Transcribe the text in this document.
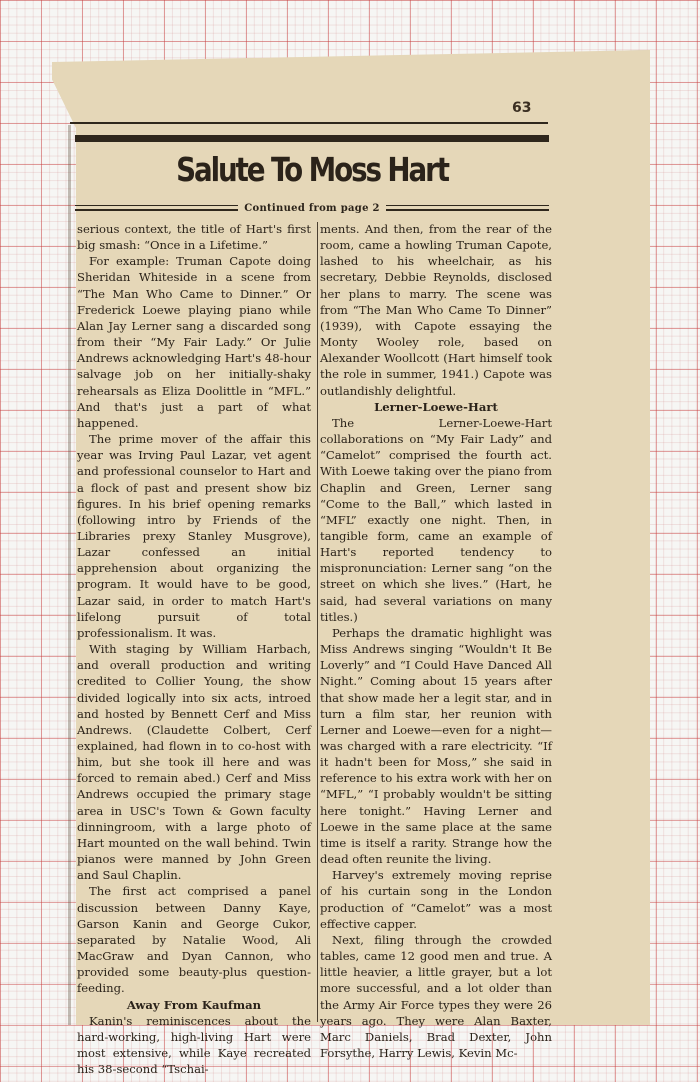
63
Salute To Moss Hart
Continued from page 2

serious context, the title of Hart's first big smash: “Once in a Lifetime.”

For example: Truman Capote doing Sheridan Whiteside in a scene from “The Man Who Came to Dinner.” Or Frederick Loewe playing piano while Alan Jay Lerner sang a discarded song from their “My Fair Lady.” Or Julie Andrews acknowledging Hart's 48-hour salvage job on her initially-shaky rehearsals as Eliza Doolittle in “MFL.” And that's just a part of what happened.

The prime mover of the affair this year was Irving Paul Lazar, vet agent and professional counselor to Hart and a flock of past and present show biz figures. In his brief opening remarks (following intro by Friends of the Libraries prexy Stanley Musgrove), Lazar confessed an initial apprehension about organizing the program. It would have to be good, Lazar said, in order to match Hart's lifelong pursuit of total professionalism. It was.

With staging by William Harbach, and overall production and writing credited to Collier Young, the show divided logically into six acts, introed and hosted by Bennett Cerf and Miss Andrews. (Claudette Colbert, Cerf explained, had flown in to co-host with him, but she took ill here and was forced to remain abed.) Cerf and Miss Andrews occupied the primary stage area in USC's Town & Gown faculty dinningroom, with a large photo of Hart mounted on the wall behind. Twin pianos were manned by John Green and Saul Chaplin.

The first act comprised a panel discussion between Danny Kaye, Garson Kanin and George Cukor, separated by Natalie Wood, Ali MacGraw and Dyan Cannon, who provided some beauty-plus question-feeding.

Away From Kaufman

Kanin's reminiscences about the hard-working, high-living Hart were most extensive, while Kaye recreated his 38-second “Tschai-

ments. And then, from the rear of the room, came a howling Truman Capote, lashed to his wheelchair, as his secretary, Debbie Reynolds, disclosed her plans to marry. The scene was from “The Man Who Came To Dinner” (1939), with Capote essaying the Monty Wooley role, based on Alexander Woollcott (Hart himself took the role in summer, 1941.) Capote was outlandishly delightful.

Lerner-Loewe-Hart

The Lerner-Loewe-Hart collaborations on “My Fair Lady” and “Camelot” comprised the fourth act. With Loewe taking over the piano from Chaplin and Green, Lerner sang “Come to the Ball,” which lasted in “MFL” exactly one night. Then, in tangible form, came an example of Hart's reported tendency to mispronunciation: Lerner sang “on the street on which she lives.” (Hart, he said, had several variations on many titles.)

Perhaps the dramatic highlight was Miss Andrews singing “Wouldn't It Be Loverly” and “I Could Have Danced All Night.” Coming about 15 years after that show made her a legit star, and in turn a film star, her reunion with Lerner and Loewe—even for a night—was charged with a rare electricity. “If it hadn't been for Moss,” she said in reference to his extra work with her on “MFL,” “I probably wouldn't be sitting here tonight.” Having Lerner and Loewe in the same place at the same time is itself a rarity. Strange how the dead often reunite the living.

Harvey's extremely moving reprise of his curtain song in the London production of “Camelot” was a most effective capper.

Next, filing through the crowded tables, came 12 good men and true. A little heavier, a little grayer, but a lot more successful, and a lot older than the Army Air Force types they were 26 years ago. They were Alan Baxter, Marc Daniels, Brad Dexter, John Forsythe, Harry Lewis, Kevin Mc-
